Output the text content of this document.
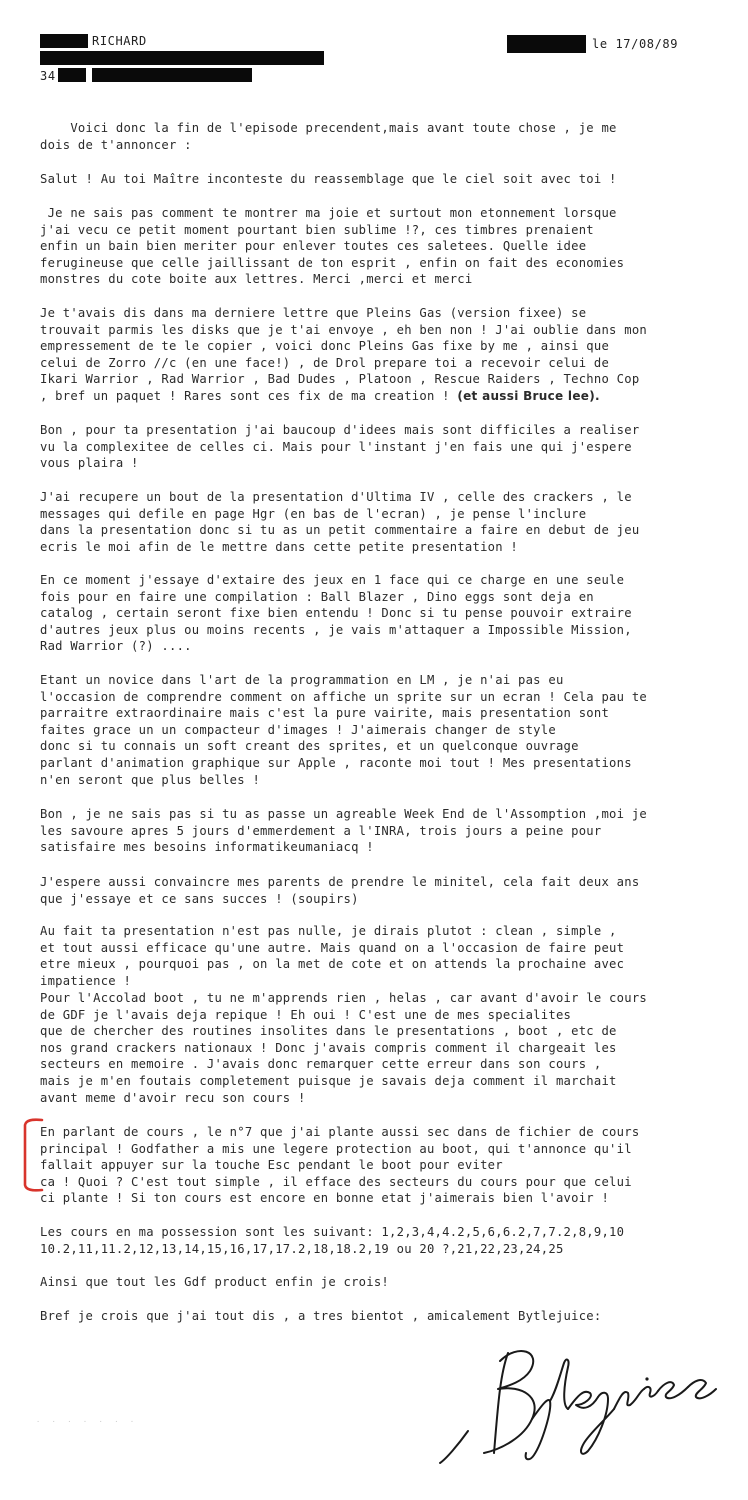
RICHARD
34
le 17/08/89
Voici donc la fin de l'episode precendent,mais avant toute chose , je me
dois de t'annoncer :
Salut ! Au toi Maître inconteste du reassemblage que le ciel soit avec toi !
Je ne sais pas comment te montrer ma joie et surtout mon etonnement lorsque
j'ai vecu ce petit moment pourtant bien sublime !?, ces timbres prenaient
enfin un bain bien meriter pour enlever toutes ces saletees. Quelle idee
ferugineuse que celle jaillissant de ton esprit , enfin on fait des economies
monstres du cote boite aux lettres. Merci ,merci et merci
Je t'avais dis dans ma derniere lettre que Pleins Gas (version fixee) se
trouvait parmis les disks que je t'ai envoye , eh ben non ! J'ai oublie dans mon
empressement de te le copier , voici donc Pleins Gas fixe by me , ainsi que
celui de Zorro //c (en une face!) , de Drol prepare toi a recevoir celui de
Ikari Warrior , Rad Warrior , Bad Dudes , Platoon , Rescue Raiders , Techno Cop
, bref un paquet ! Rares sont ces fix de ma creation ! (et aussi Bruce lee).
Bon , pour ta presentation j'ai baucoup d'idees mais sont difficiles a realiser
vu la complexitee de celles ci. Mais pour l'instant j'en fais une qui j'espere
vous plaira !
J'ai recupere un bout de la presentation d'Ultima IV , celle des crackers , le
messages qui defile en page Hgr (en bas de l'ecran) , je pense l'inclure
dans la presentation donc si tu as un petit commentaire a faire en debut de jeu
ecris le moi afin de le mettre dans cette petite presentation !
En ce moment j'essaye d'extaire des jeux en 1 face qui ce charge en une seule
fois pour en faire une compilation : Ball Blazer , Dino eggs sont deja en
catalog , certain seront fixe bien entendu ! Donc si tu pense pouvoir extraire
d'autres jeux plus ou moins recents , je vais m'attaquer a Impossible Mission,
Rad Warrior (?) ....
Etant un novice dans l'art de la programmation en LM , je n'ai pas eu
l'occasion de comprendre comment on affiche un sprite sur un ecran ! Cela pau te
parraitre extraordinaire mais c'est la pure vairite, mais presentation sont
faites grace un un compacteur d'images ! J'aimerais changer de style
donc si tu connais un soft creant des sprites, et un quelconque ouvrage
parlant d'animation graphique sur Apple , raconte moi tout ! Mes presentations
n'en seront que plus belles !
Bon , je ne sais pas si tu as passe un agreable Week End de l'Assomption ,moi je
les savoure apres 5 jours d'emmerdement a l'INRA, trois jours a peine pour
satisfaire mes besoins informatikeumaniacq !
J'espere aussi convaincre mes parents de prendre le minitel, cela fait deux ans
que j'essaye et ce sans succes ! (soupirs)
Au fait ta presentation n'est pas nulle, je dirais plutot : clean , simple ,
et tout aussi efficace qu'une autre. Mais quand on a l'occasion de faire peut
etre mieux , pourquoi pas , on la met de cote et on attends la prochaine avec
impatience !
Pour l'Accolad boot , tu ne m'apprends rien , helas , car avant d'avoir le cours
de GDF je l'avais deja repique ! Eh oui ! C'est une de mes specialites
que de chercher des routines insolites dans le presentations , boot , etc de
nos grand crackers nationaux ! Donc j'avais compris comment il chargeait les
secteurs en memoire . J'avais donc remarquer cette erreur dans son cours ,
mais je m'en foutais completement puisque je savais deja comment il marchait
avant meme d'avoir recu son cours !
En parlant de cours , le n°7 que j'ai plante aussi sec dans de fichier de cours
principal ! Godfather a mis une legere protection au boot, qui t'annonce qu'il
fallait appuyer sur la touche Esc pendant le boot pour eviter
ca ! Quoi ? C'est tout simple , il efface des secteurs du cours pour que celui
ci plante ! Si ton cours est encore en bonne etat j'aimerais bien l'avoir !
Les cours en ma possession sont les suivant: 1,2,3,4,4.2,5,6,6.2,7,7.2,8,9,10
10.2,11,11.2,12,13,14,15,16,17,17.2,18,18.2,19 ou 20 ?,21,22,23,24,25
Ainsi que tout les Gdf product enfin je crois!
Bref je crois que j'ai tout dis , a tres bientot , amicalement Bytlejuice:
·  ·  ·  ·  ·  ·  ·
